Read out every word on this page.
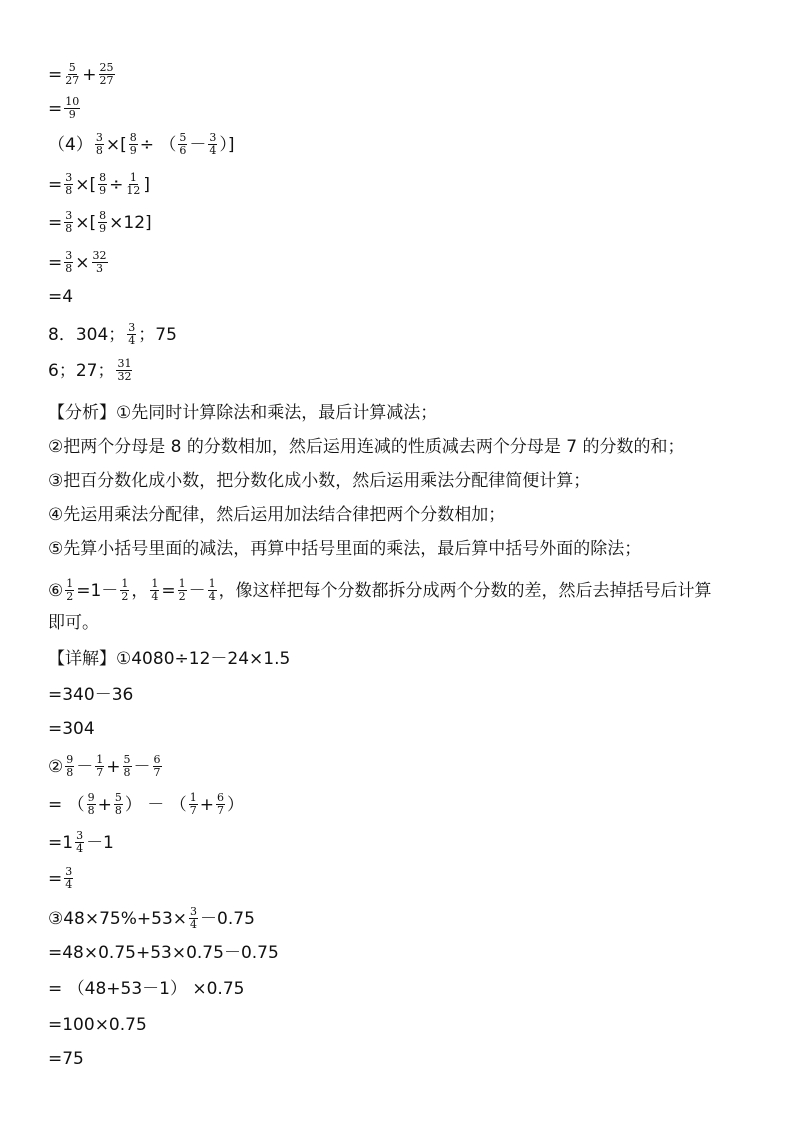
= $\frac{5}{27} + \frac{25}{27}$
= $\frac{10}{9}$
$(4) \frac{3}{8}$ ×[ $\frac{8}{9}$ ÷ （ $\frac{5}{6} - \frac{3}{4}$ ）]
= $\frac{3}{8}$ ×[ $\frac{8}{9} \div \frac{1}{12}$ ]
= $\frac{3}{8}$ ×[ $\frac{8}{9} \times 12$]
= $\frac{3}{8} \times \frac{32}{3}$
=4
8．304； $\frac{3}{4}$ ；75
6；27； $\frac{31}{32}$
【分析】①先同时计算除法和乘法，最后计算减法；
②把两个分母是 8 的分数相加，然后运用连减的性质减去两个分母是 7 的分数的和；
③把百分数化成小数，把分数化成小数，然后运用乘法分配律简便计算；
④先运用乘法分配律，然后运用加法结合律把两个分数相加；
⑤先算小括号里面的减法，再算中括号里面的乘法，最后算中括号外面的除法；
⑥ $\frac{1}{2} =1- \frac{1}{2}$ ， $\frac{1}{4} = \frac{1}{2} - \frac{1}{4}$ ，像这样把每个分数都拆分成两个分数的差，然后去掉括号后计算
即可。
【详解】①4080÷12－24×1.5
=340－36
=304
② $\frac{9}{8} - \frac{1}{7} + \frac{5}{8} - \frac{6}{7}$
= （ $\frac{9}{8} + \frac{5}{8}$ ） － （ $\frac{1}{7} + \frac{6}{7}$ ）
$=1 \frac{3}{4} -1$
= $\frac{3}{4}$
③48×75%+53× $\frac{3}{4} -0.75$
=48×0.75+53×0.75－0.75
= （48+53－1） ×0.75
=100×0.75
=75
